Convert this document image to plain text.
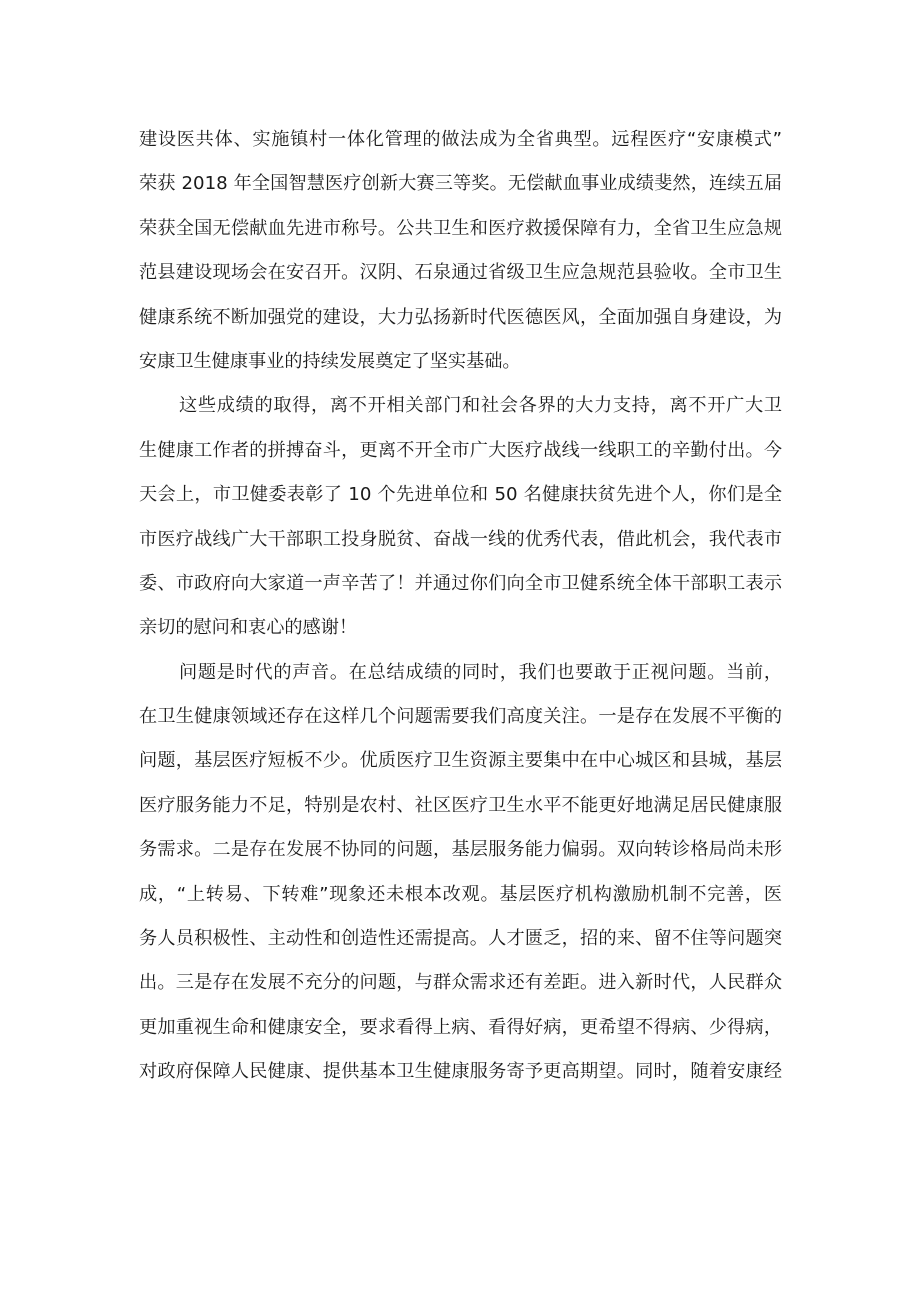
建设医共体、实施镇村一体化管理的做法成为全省典型。远程医疗“安康模式”
荣获 2018 年全国智慧医疗创新大赛三等奖。无偿献血事业成绩斐然，连续五届
荣获全国无偿献血先进市称号。公共卫生和医疗救援保障有力，全省卫生应急规
范县建设现场会在安召开。汉阴、石泉通过省级卫生应急规范县验收。全市卫生
健康系统不断加强党的建设，大力弘扬新时代医德医风，全面加强自身建设，为
安康卫生健康事业的持续发展奠定了坚实基础。
这些成绩的取得，离不开相关部门和社会各界的大力支持，离不开广大卫
生健康工作者的拼搏奋斗，更离不开全市广大医疗战线一线职工的辛勤付出。今
天会上，市卫健委表彰了 10 个先进单位和 50 名健康扶贫先进个人，你们是全
市医疗战线广大干部职工投身脱贫、奋战一线的优秀代表，借此机会，我代表市
委、市政府向大家道一声辛苦了！并通过你们向全市卫健系统全体干部职工表示
亲切的慰问和衷心的感谢！
问题是时代的声音。在总结成绩的同时，我们也要敢于正视问题。当前，
在卫生健康领域还存在这样几个问题需要我们高度关注。一是存在发展不平衡的
问题，基层医疗短板不少。优质医疗卫生资源主要集中在中心城区和县城，基层
医疗服务能力不足，特别是农村、社区医疗卫生水平不能更好地满足居民健康服
务需求。二是存在发展不协同的问题，基层服务能力偏弱。双向转诊格局尚未形
成，“上转易、下转难”现象还未根本改观。基层医疗机构激励机制不完善，医
务人员积极性、主动性和创造性还需提高。人才匮乏，招的来、留不住等问题突
出。三是存在发展不充分的问题，与群众需求还有差距。进入新时代，人民群众
更加重视生命和健康安全，要求看得上病、看得好病，更希望不得病、少得病，
对政府保障人民健康、提供基本卫生健康服务寄予更高期望。同时，随着安康经
